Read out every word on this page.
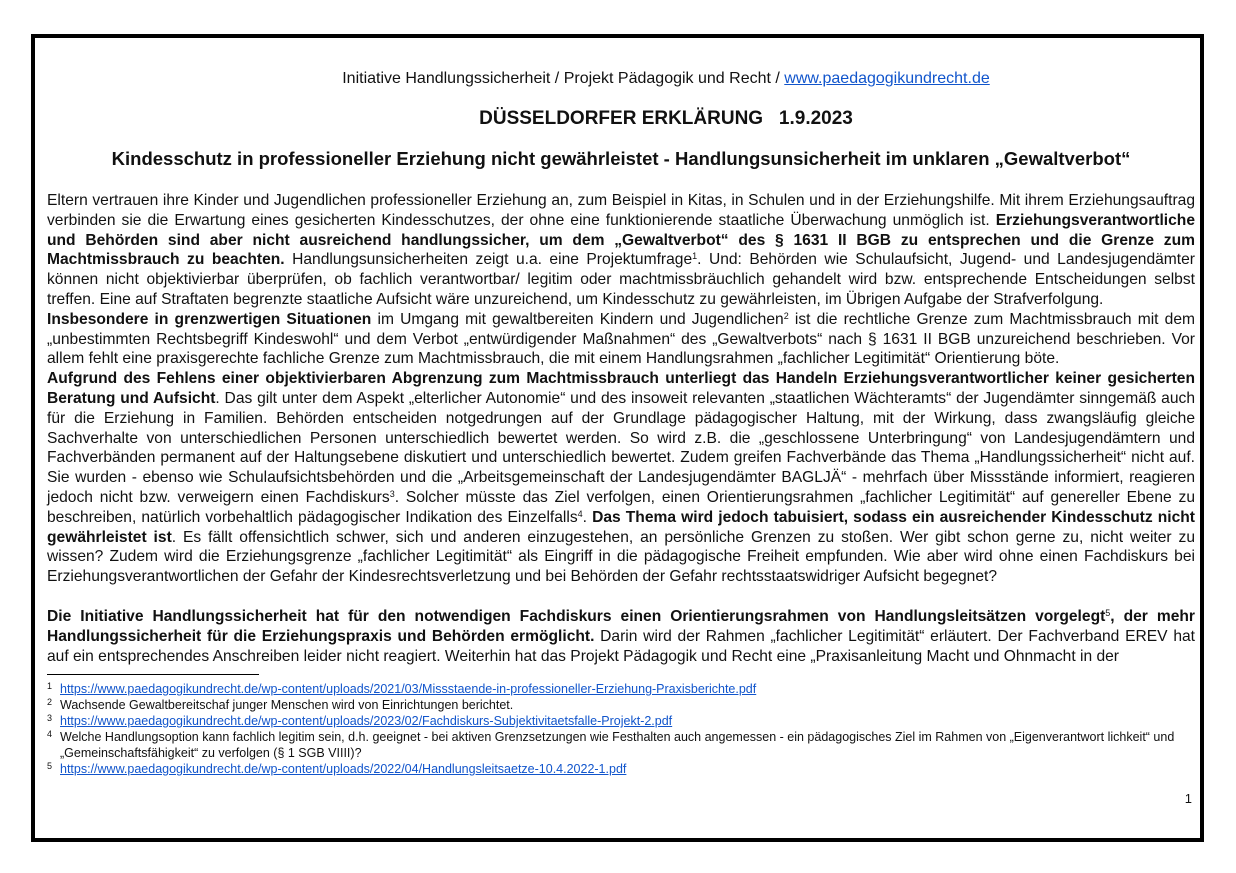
Initiative Handlungssicherheit / Projekt Pädagogik und Recht / www.paedagogikundrecht.de
DÜSSELDORFER ERKLÄRUNG   1.9.2023
Kindesschutz in professioneller Erziehung nicht gewährleistet - Handlungsunsicherheit im unklaren „Gewaltverbot“

Eltern vertrauen ihre Kinder und Jugendlichen professioneller Erziehung an, zum Beispiel in Kitas, in Schulen und in der Erziehungshilfe. Mit ihrem Erziehungsauftrag verbinden sie die Erwartung eines gesicherten Kindesschutzes, der ohne eine funktionierende staatliche Überwachung unmöglich ist. Erziehungsverantwortliche und Behörden sind aber nicht ausreichend handlungssicher, um dem „Gewaltverbot“ des § 1631 II BGB zu entsprechen und die Grenze zum Machtmissbrauch zu beachten. Handlungsunsicherheiten zeigt u.a. eine Projektumfrage$^1$. Und: Behörden wie Schulaufsicht, Jugend- und Landesjugendämter können nicht objektivierbar überprüfen, ob fachlich verantwortbar/ legitim oder machtmissbräuchlich gehandelt wird bzw. entsprechende Entscheidungen selbst treffen. Eine auf Straftaten begrenzte staatliche Aufsicht wäre unzureichend, um Kindesschutz zu gewährleisten, im Übrigen Aufgabe der Strafverfolgung.

Insbesondere in grenzwertigen Situationen im Umgang mit gewaltbereiten Kindern und Jugendlichen$^2$ ist die rechtliche Grenze zum Machtmissbrauch mit dem „unbestimmten Rechtsbegriff Kindeswohl“ und dem Verbot „entwürdigender Maßnahmen“ des „Gewaltverbots“ nach § 1631 II BGB unzureichend beschrieben. Vor allem fehlt eine praxisgerechte fachliche Grenze zum Machtmissbrauch, die mit einem Handlungsrahmen „fachlicher Legitimität“ Orientierung böte.

Aufgrund des Fehlens einer objektivierbaren Abgrenzung zum Machtmissbrauch unterliegt das Handeln Erziehungsverantwortlicher keiner gesicherten Beratung und Aufsicht. Das gilt unter dem Aspekt „elterlicher Autonomie“ und des insoweit relevanten „staatlichen Wächteramts“ der Jugendämter sinngemäß auch für die Erziehung in Familien. Behörden entscheiden notgedrungen auf der Grundlage pädagogischer Haltung, mit der Wirkung, dass zwangsläufig gleiche Sachverhalte von unterschiedlichen Personen unterschiedlich bewertet werden. So wird z.B. die „geschlossene Unterbringung“ von Landesjugendämtern und Fachverbänden permanent auf der Haltungsebene diskutiert und unterschiedlich bewertet. Zudem greifen Fachverbände das Thema „Handlungssicherheit“ nicht auf. Sie wurden - ebenso wie Schulaufsichtsbehörden und die „Arbeitsgemeinschaft der Landesjugendämter BAGLJÄ“ - mehrfach über Missstände informiert, reagieren jedoch nicht bzw. verweigern einen Fachdiskurs$^3$. Solcher müsste das Ziel verfolgen, einen Orientierungsrahmen „fachlicher Legitimität“ auf genereller Ebene zu beschreiben, natürlich vorbehaltlich pädagogischer Indikation des Einzelfalls$^4$. Das Thema wird jedoch tabuisiert, sodass ein ausreichender Kindesschutz nicht gewährleistet ist. Es fällt offensichtlich schwer, sich und anderen einzugestehen, an persönliche Grenzen zu stoßen. Wer gibt schon gerne zu, nicht weiter zu wissen? Zudem wird die Erziehungsgrenze „fachlicher Legitimität“ als Eingriff in die pädagogische Freiheit empfunden. Wie aber wird ohne einen Fachdiskurs bei Erziehungsverantwortlichen der Gefahr der Kindesrechtsverletzung und bei Behörden der Gefahr rechtsstaatswidriger Aufsicht begegnet?

Die Initiative Handlungssicherheit hat für den notwendigen Fachdiskurs einen Orientierungsrahmen von Handlungsleitsätzen vorgelegt$^5$, der mehr Handlungssicherheit für die Erziehungspraxis und Behörden ermöglicht. Darin wird der Rahmen „fachlicher Legitimität“ erläutert. Der Fachverband EREV hat auf ein entsprechendes Anschreiben leider nicht reagiert. Weiterhin hat das Projekt Pädagogik und Recht eine „Praxisanleitung Macht und Ohnmacht in der

1 https://www.paedagogikundrecht.de/wp-content/uploads/2021/03/Missstaende-in-professioneller-Erziehung-Praxisberichte.pdf
2 Wachsende Gewaltbereitschaf junger Menschen wird von Einrichtungen berichtet.
3 https://www.paedagogikundrecht.de/wp-content/uploads/2023/02/Fachdiskurs-Subjektivitaetsfalle-Projekt-2.pdf
4 Welche Handlungsoption kann fachlich legitim sein, d.h. geeignet - bei aktiven Grenzsetzungen wie Festhalten auch angemessen - ein pädagogisches Ziel im Rahmen von „Eigenverantwort lichkeit“ und „Gemeinschaftsfähigkeit“ zu verfolgen (§ 1 SGB VIIII)?
5 https://www.paedagogikundrecht.de/wp-content/uploads/2022/04/Handlungsleitsaetze-10.4.2022-1.pdf
1
